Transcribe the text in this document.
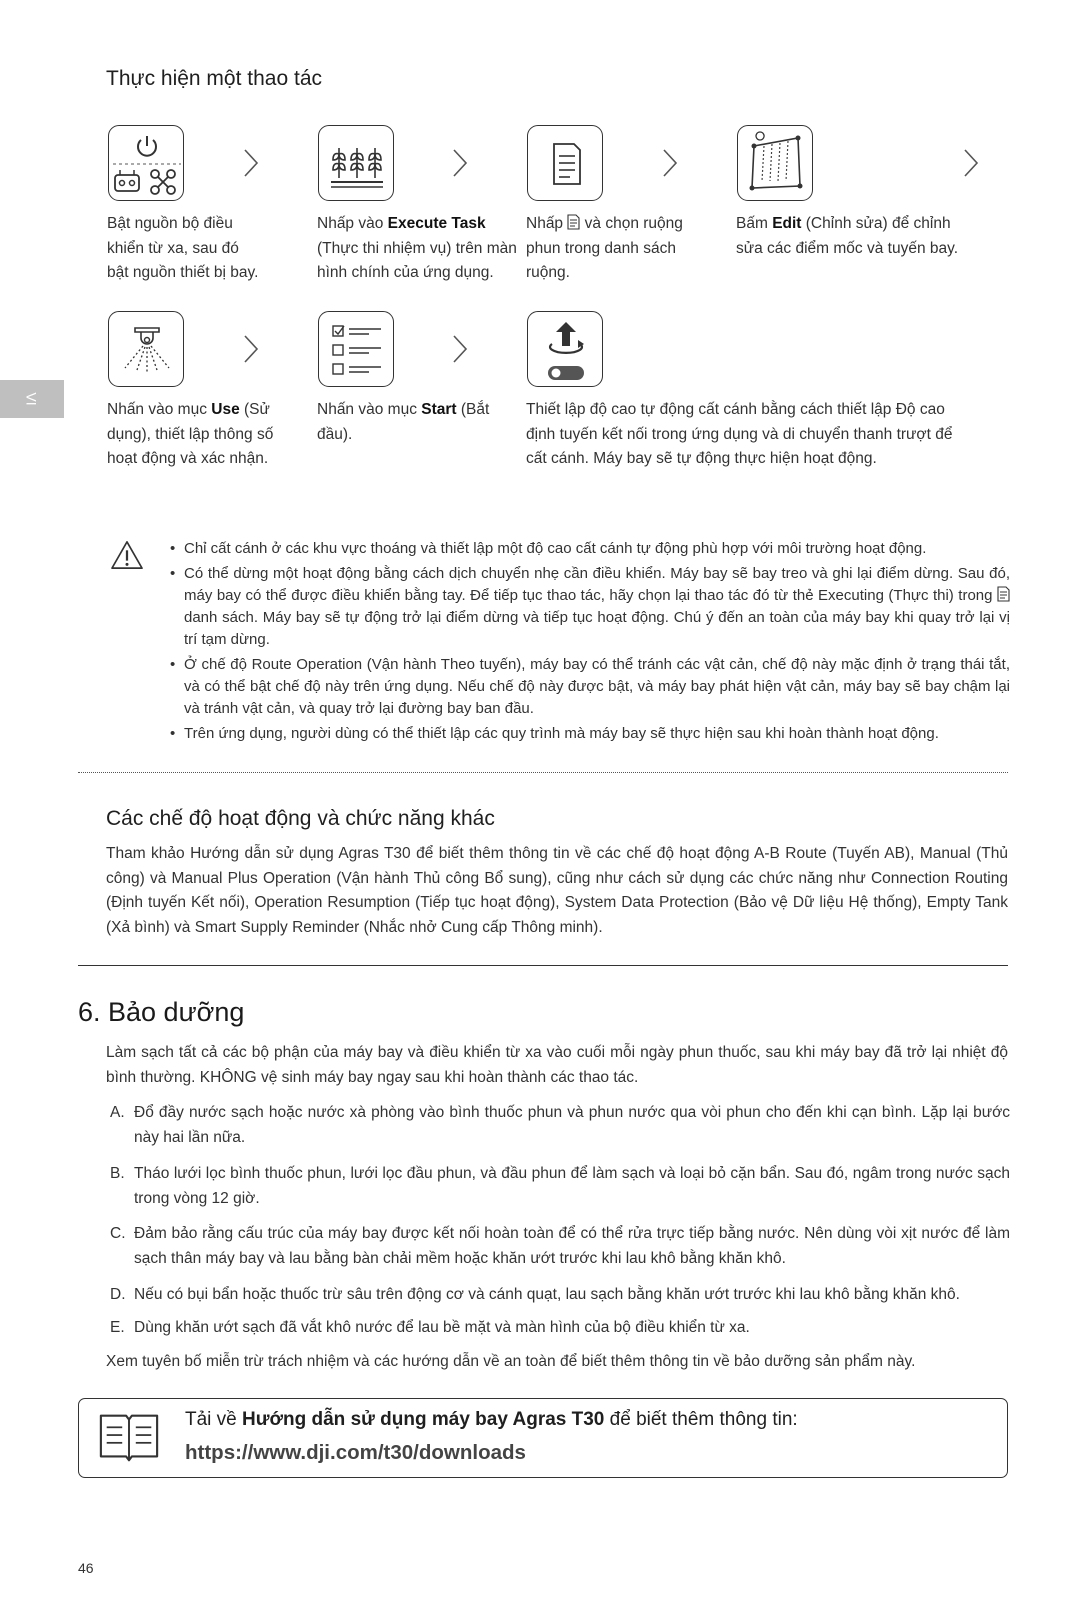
Thực hiện một thao tác
VI
Bật nguồn bộ điều
khiển từ xa, sau đó
bật nguồn thiết bị bay.
Nhấp vào Execute Task
(Thực thi nhiệm vụ) trên màn
hình chính của ứng dụng.
Nhấp  và chọn ruộng
phun trong danh sách
ruộng.
Bấm Edit (Chỉnh sửa) để chỉnh
sửa các điểm mốc và tuyến bay.
Nhấn vào mục Use (Sử
dụng), thiết lập thông số
hoạt động và xác nhận.
Nhấn vào mục Start (Bắt
đầu).
Thiết lập độ cao tự động cất cánh bằng cách thiết lập Độ cao
định tuyến kết nối trong ứng dụng và di chuyển thanh trượt để
cất cánh. Máy bay sẽ tự động thực hiện hoạt động.
• Chỉ cất cánh ở các khu vực thoáng và thiết lập một độ cao cất cánh tự động phù hợp với môi trường hoạt động.
• Có thể dừng một hoạt động bằng cách dịch chuyển nhẹ cần điều khiển. Máy bay sẽ bay treo và ghi lại điểm dừng. Sau đó, máy bay có thể được điều khiển bằng tay. Để tiếp tục thao tác, hãy chọn lại thao tác đó từ thẻ Executing (Thực thi) trong  danh sách. Máy bay sẽ tự động trở lại điểm dừng và tiếp tục hoạt động. Chú ý đến an toàn của máy bay khi quay trở lại vị trí tạm dừng.
• Ở chế độ Route Operation (Vận hành Theo tuyến), máy bay có thể tránh các vật cản, chế độ này mặc định ở trạng thái tắt, và có thể bật chế độ này trên ứng dụng. Nếu chế độ này được bật, và máy bay phát hiện vật cản, máy bay sẽ bay chậm lại và tránh vật cản, và quay trở lại đường bay ban đầu.
• Trên ứng dụng, người dùng có thể thiết lập các quy trình mà máy bay sẽ thực hiện sau khi hoàn thành hoạt động.
Các chế độ hoạt động và chức năng khác
Tham khảo Hướng dẫn sử dụng Agras T30 để biết thêm thông tin về các chế độ hoạt động A-B Route (Tuyến AB), Manual (Thủ công) và Manual Plus Operation (Vận hành Thủ công Bổ sung), cũng như cách sử dụng các chức năng như Connection Routing (Định tuyến Kết nối), Operation Resumption (Tiếp tục hoạt động), System Data Protection (Bảo vệ Dữ liệu Hệ thống), Empty Tank (Xả bình) và Smart Supply Reminder (Nhắc nhở Cung cấp Thông minh).
6. Bảo dưỡng
Làm sạch tất cả các bộ phận của máy bay và điều khiển từ xa vào cuối mỗi ngày phun thuốc, sau khi máy bay đã trở lại nhiệt độ bình thường. KHÔNG vệ sinh máy bay ngay sau khi hoàn thành các thao tác.
A. Đổ đầy nước sạch hoặc nước xà phòng vào bình thuốc phun và phun nước qua vòi phun cho đến khi cạn bình. Lặp lại bước này hai lần nữa.
B. Tháo lưới lọc bình thuốc phun, lưới lọc đầu phun, và đầu phun để làm sạch và loại bỏ cặn bẩn. Sau đó, ngâm trong nước sạch trong vòng 12 giờ.
C. Đảm bảo rằng cấu trúc của máy bay được kết nối hoàn toàn để có thể rửa trực tiếp bằng nước. Nên dùng vòi xịt nước để làm sạch thân máy bay và lau bằng bàn chải mềm hoặc khăn ướt trước khi lau khô bằng khăn khô.
D. Nếu có bụi bẩn hoặc thuốc trừ sâu trên động cơ và cánh quạt, lau sạch bằng khăn ướt trước khi lau khô bằng khăn khô.
E. Dùng khăn ướt sạch đã vắt khô nước để lau bề mặt và màn hình của bộ điều khiển từ xa.
Xem tuyên bố miễn trừ trách nhiệm và các hướng dẫn về an toàn để biết thêm thông tin về bảo dưỡng sản phẩm này.
Tải về Hướng dẫn sử dụng máy bay Agras T30 để biết thêm thông tin:
https://www.dji.com/t30/downloads
46
